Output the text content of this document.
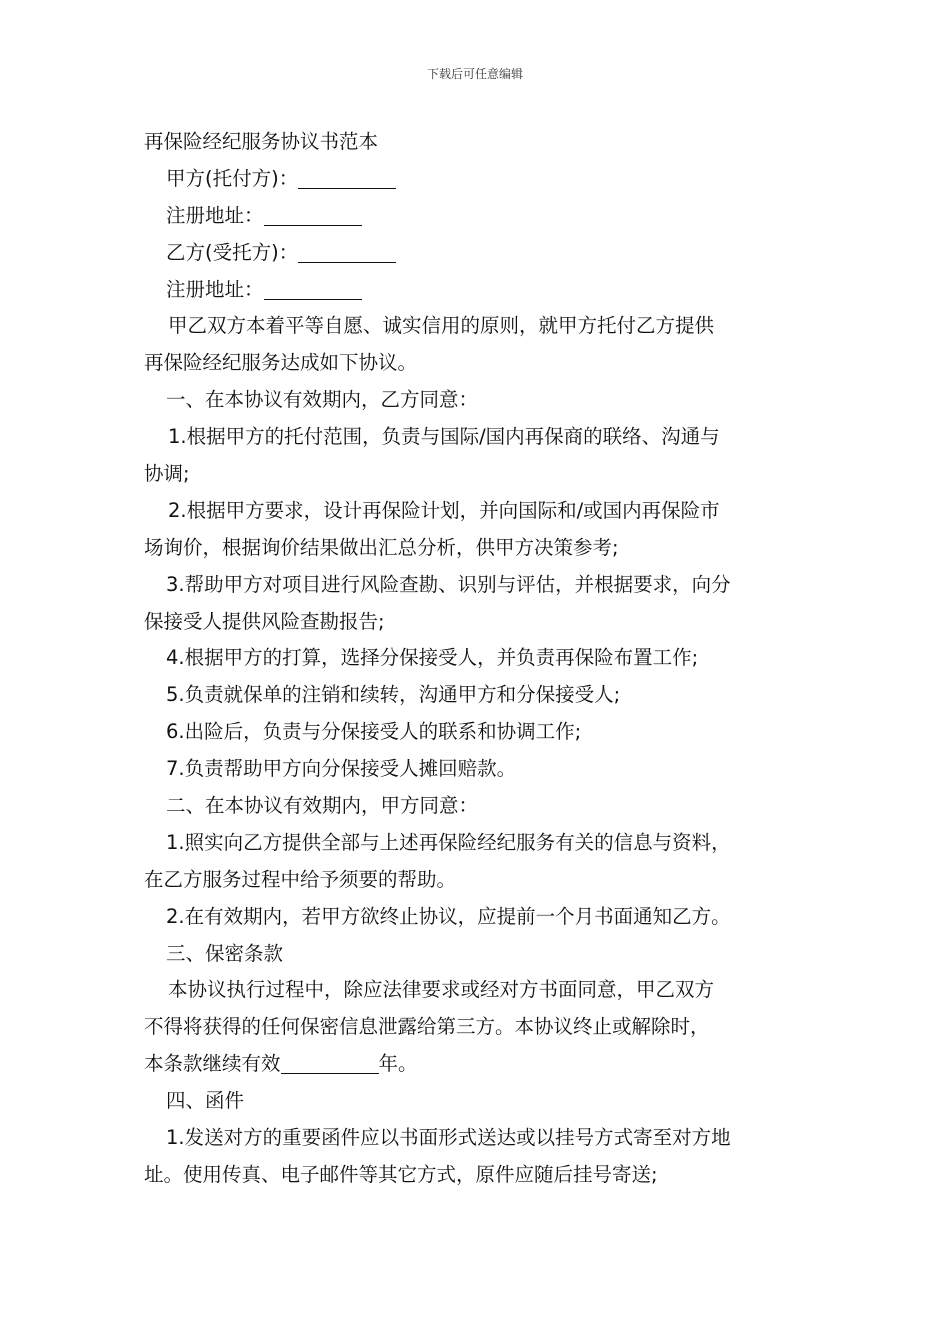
下载后可任意编辑
再保险经纪服务协议书范本
甲方(托付方)：
注册地址：
乙方(受托方)：
注册地址：
甲乙双方本着平等自愿、诚实信用的原则，就甲方托付乙方提供
再保险经纪服务达成如下协议。
一、在本协议有效期内，乙方同意：
1.根据甲方的托付范围，负责与国际/国内再保商的联络、沟通与
协调;
2.根据甲方要求，设计再保险计划，并向国际和/或国内再保险市
场询价，根据询价结果做出汇总分析，供甲方决策参考;
3.帮助甲方对项目进行风险查勘、识别与评估，并根据要求，向分
保接受人提供风险查勘报告;
4.根据甲方的打算，选择分保接受人，并负责再保险布置工作;
5.负责就保单的注销和续转，沟通甲方和分保接受人;
6.出险后，负责与分保接受人的联系和协调工作;
7.负责帮助甲方向分保接受人摊回赔款。
二、在本协议有效期内，甲方同意：
1.照实向乙方提供全部与上述再保险经纪服务有关的信息与资料，
在乙方服务过程中给予须要的帮助。
2.在有效期内，若甲方欲终止协议，应提前一个月书面通知乙方。
三、保密条款
本协议执行过程中，除应法律要求或经对方书面同意，甲乙双方
不得将获得的任何保密信息泄露给第三方。本协议终止或解除时，
本条款继续有效	年。
四、函件
1.发送对方的重要函件应以书面形式送达或以挂号方式寄至对方地
址。使用传真、电子邮件等其它方式，原件应随后挂号寄送;
